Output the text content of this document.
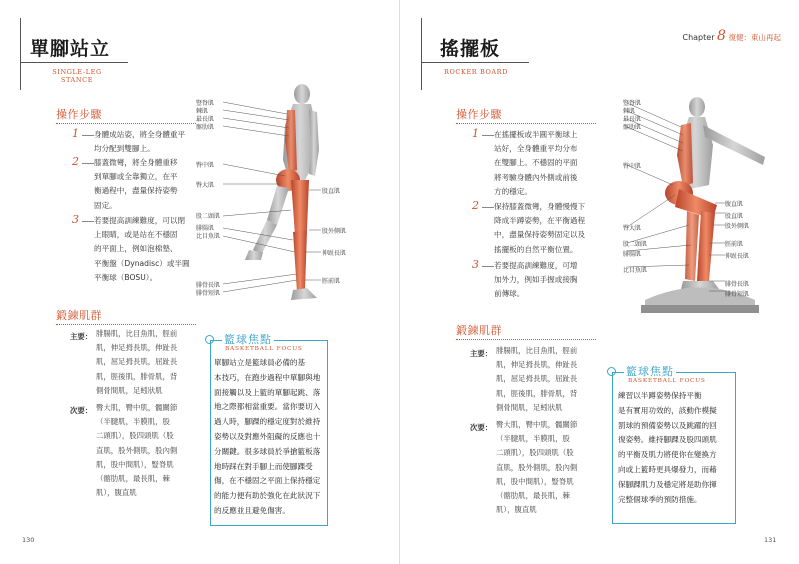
單腳站立
SINGLE-LEG
STANCE
操作步驟
1 身體成站姿，將全身體重平
均分配到雙腳上。
2 膝蓋微彎，將全身體重移
到單腳或全靠獨立，在平
衡過程中，盡量保持姿勢
固定。
3 若要提高訓練難度，可以閉
上眼睛，或是站在不穩固
的平面上，例如泡棉墊、
平衡盤（Dynadisc）或半圓
平衡球（BOSU）。
鍛鍊肌群
主要： 腓腸肌，比目魚肌，脛前
肌，伸足拇長肌，伸趾長
肌，屈足拇長肌，屈趾長
肌，脛後肌，腓骨肌，背
側骨間肌，足蚓狀肌
次要： 臀大肌，臀中肌，髖關節
（半腱肌，半膜肌，股
二頭肌），股四頭肌（股
直肌，股外側肌，股內側
肌，股中間肌），豎脊肌
（髂肋肌，最長肌，棘
肌），腹直肌
籃球焦點
BASKETBALL FOCUS
單腳站立是籃球員必備的基
本技巧，在跑步過程中單腳與地
面接觸以及上籃的單腳起跳、落
地之際都相當重要。當你要切入
過人時，腳踝的穩定度對於維持
姿勢以及對應外阻礙的反應也十
分關鍵。很多球員於爭搶籃板落
地時踩在對手腳上而使腳踝受
傷，在不穩固之平面上保持穩定
的能力便有助於強化在此狀況下
的反應並且避免傷害。
豎脊肌
棘肌
最長肌
髂肋肌
臀中肌
臀大肌
股二頭肌
腓腸肌
比目魚肌
腓骨長肌
腓骨短肌
股直肌
股外側肌
伸趾長肌
脛前肌
130
Chapter 8 復健：東山再起
搖擺板
ROCKER BOARD
操作步驟
1 在搖擺板或半圓平衡球上
站好，全身體重平均分布
在雙腳上。不穩固的平面
將考驗身體內外側或前後
方的穩定。
2 保持膝蓋微彎，身體慢慢下
降成半蹲姿勢，在平衡過程
中，盡量保持姿勢固定以及
搖擺板的自然平衡位置。
3 若要提高訓練難度，可增
加外力，例如手握或接胸
前傳球。
鍛鍊肌群
主要： 腓腸肌，比目魚肌，脛前
肌，伸足拇長肌，伸趾長
肌，屈足拇長肌，屈趾長
肌，脛後肌，腓骨肌，背
側骨間肌，足蚓狀肌
次要： 臀大肌，臀中肌，髖關節
（半腱肌，半膜肌，股
二頭肌），股四頭肌（股
直肌，股外側肌，股內側
肌，股中間肌），豎脊肌
（髂肋肌，最長肌，棘
肌），腹直肌
籃球焦點
BASKETBALL FOCUS
練習以半蹲姿勢保持平衡
是有實用功效的，該動作模擬
罰球的預備姿勢以及跳躍的回
復姿勢。維持腳踝及股四頭肌
的平衡及肌力將使你在變換方
向或上籃時更具爆發力，而藉
保腳踝肌力及穩定將是助你揮
完整個球季的預防措施。
豎脊肌
棘肌
最長肌
髂肋肌
臀中肌
臀大肌
股二頭肌
腓腸肌
比目魚肌
腹直肌
股直肌
股外側肌
脛前肌
伸趾長肌
腓骨長肌
腓骨短肌
131
